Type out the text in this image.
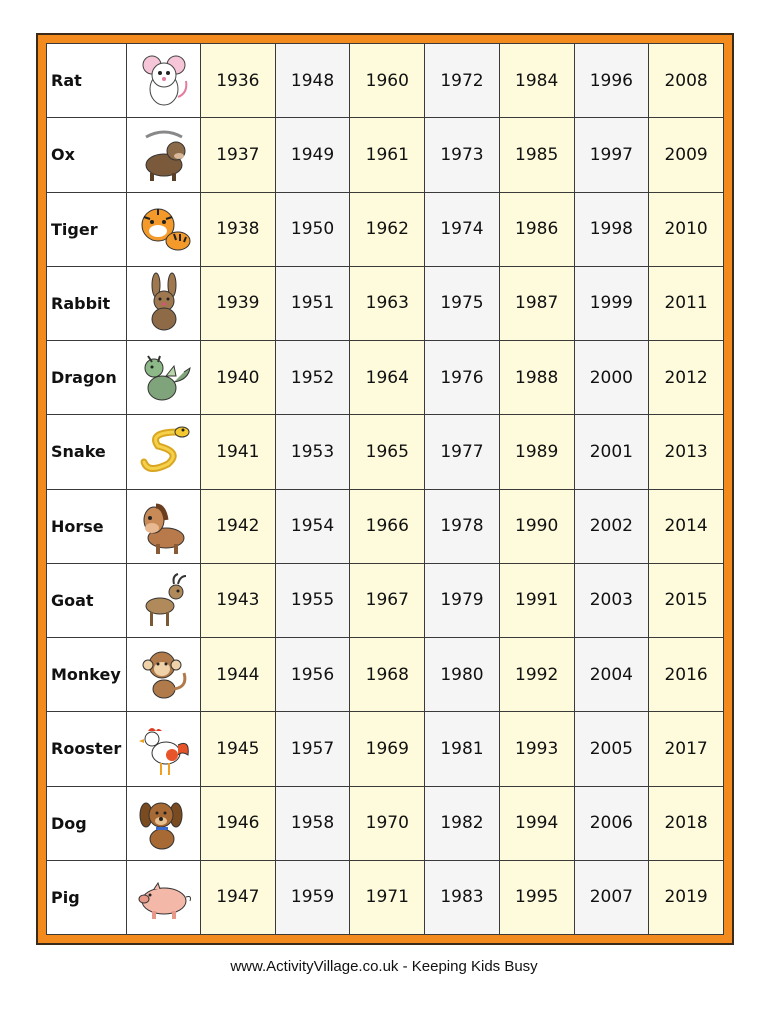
Rat		1936	1948	1960	1972	1984	1996	2008
Ox		1937	1949	1961	1973	1985	1997	2009
Tiger		1938	1950	1962	1974	1986	1998	2010
Rabbit		1939	1951	1963	1975	1987	1999	2011
Dragon		1940	1952	1964	1976	1988	2000	2012
Snake		1941	1953	1965	1977	1989	2001	2013
Horse		1942	1954	1966	1978	1990	2002	2014
Goat		1943	1955	1967	1979	1991	2003	2015
Monkey		1944	1956	1968	1980	1992	2004	2016
Rooster		1945	1957	1969	1981	1993	2005	2017
Dog		1946	1958	1970	1982	1994	2006	2018
Pig		1947	1959	1971	1983	1995	2007	2019
www.ActivityVillage.co.uk - Keeping Kids Busy
